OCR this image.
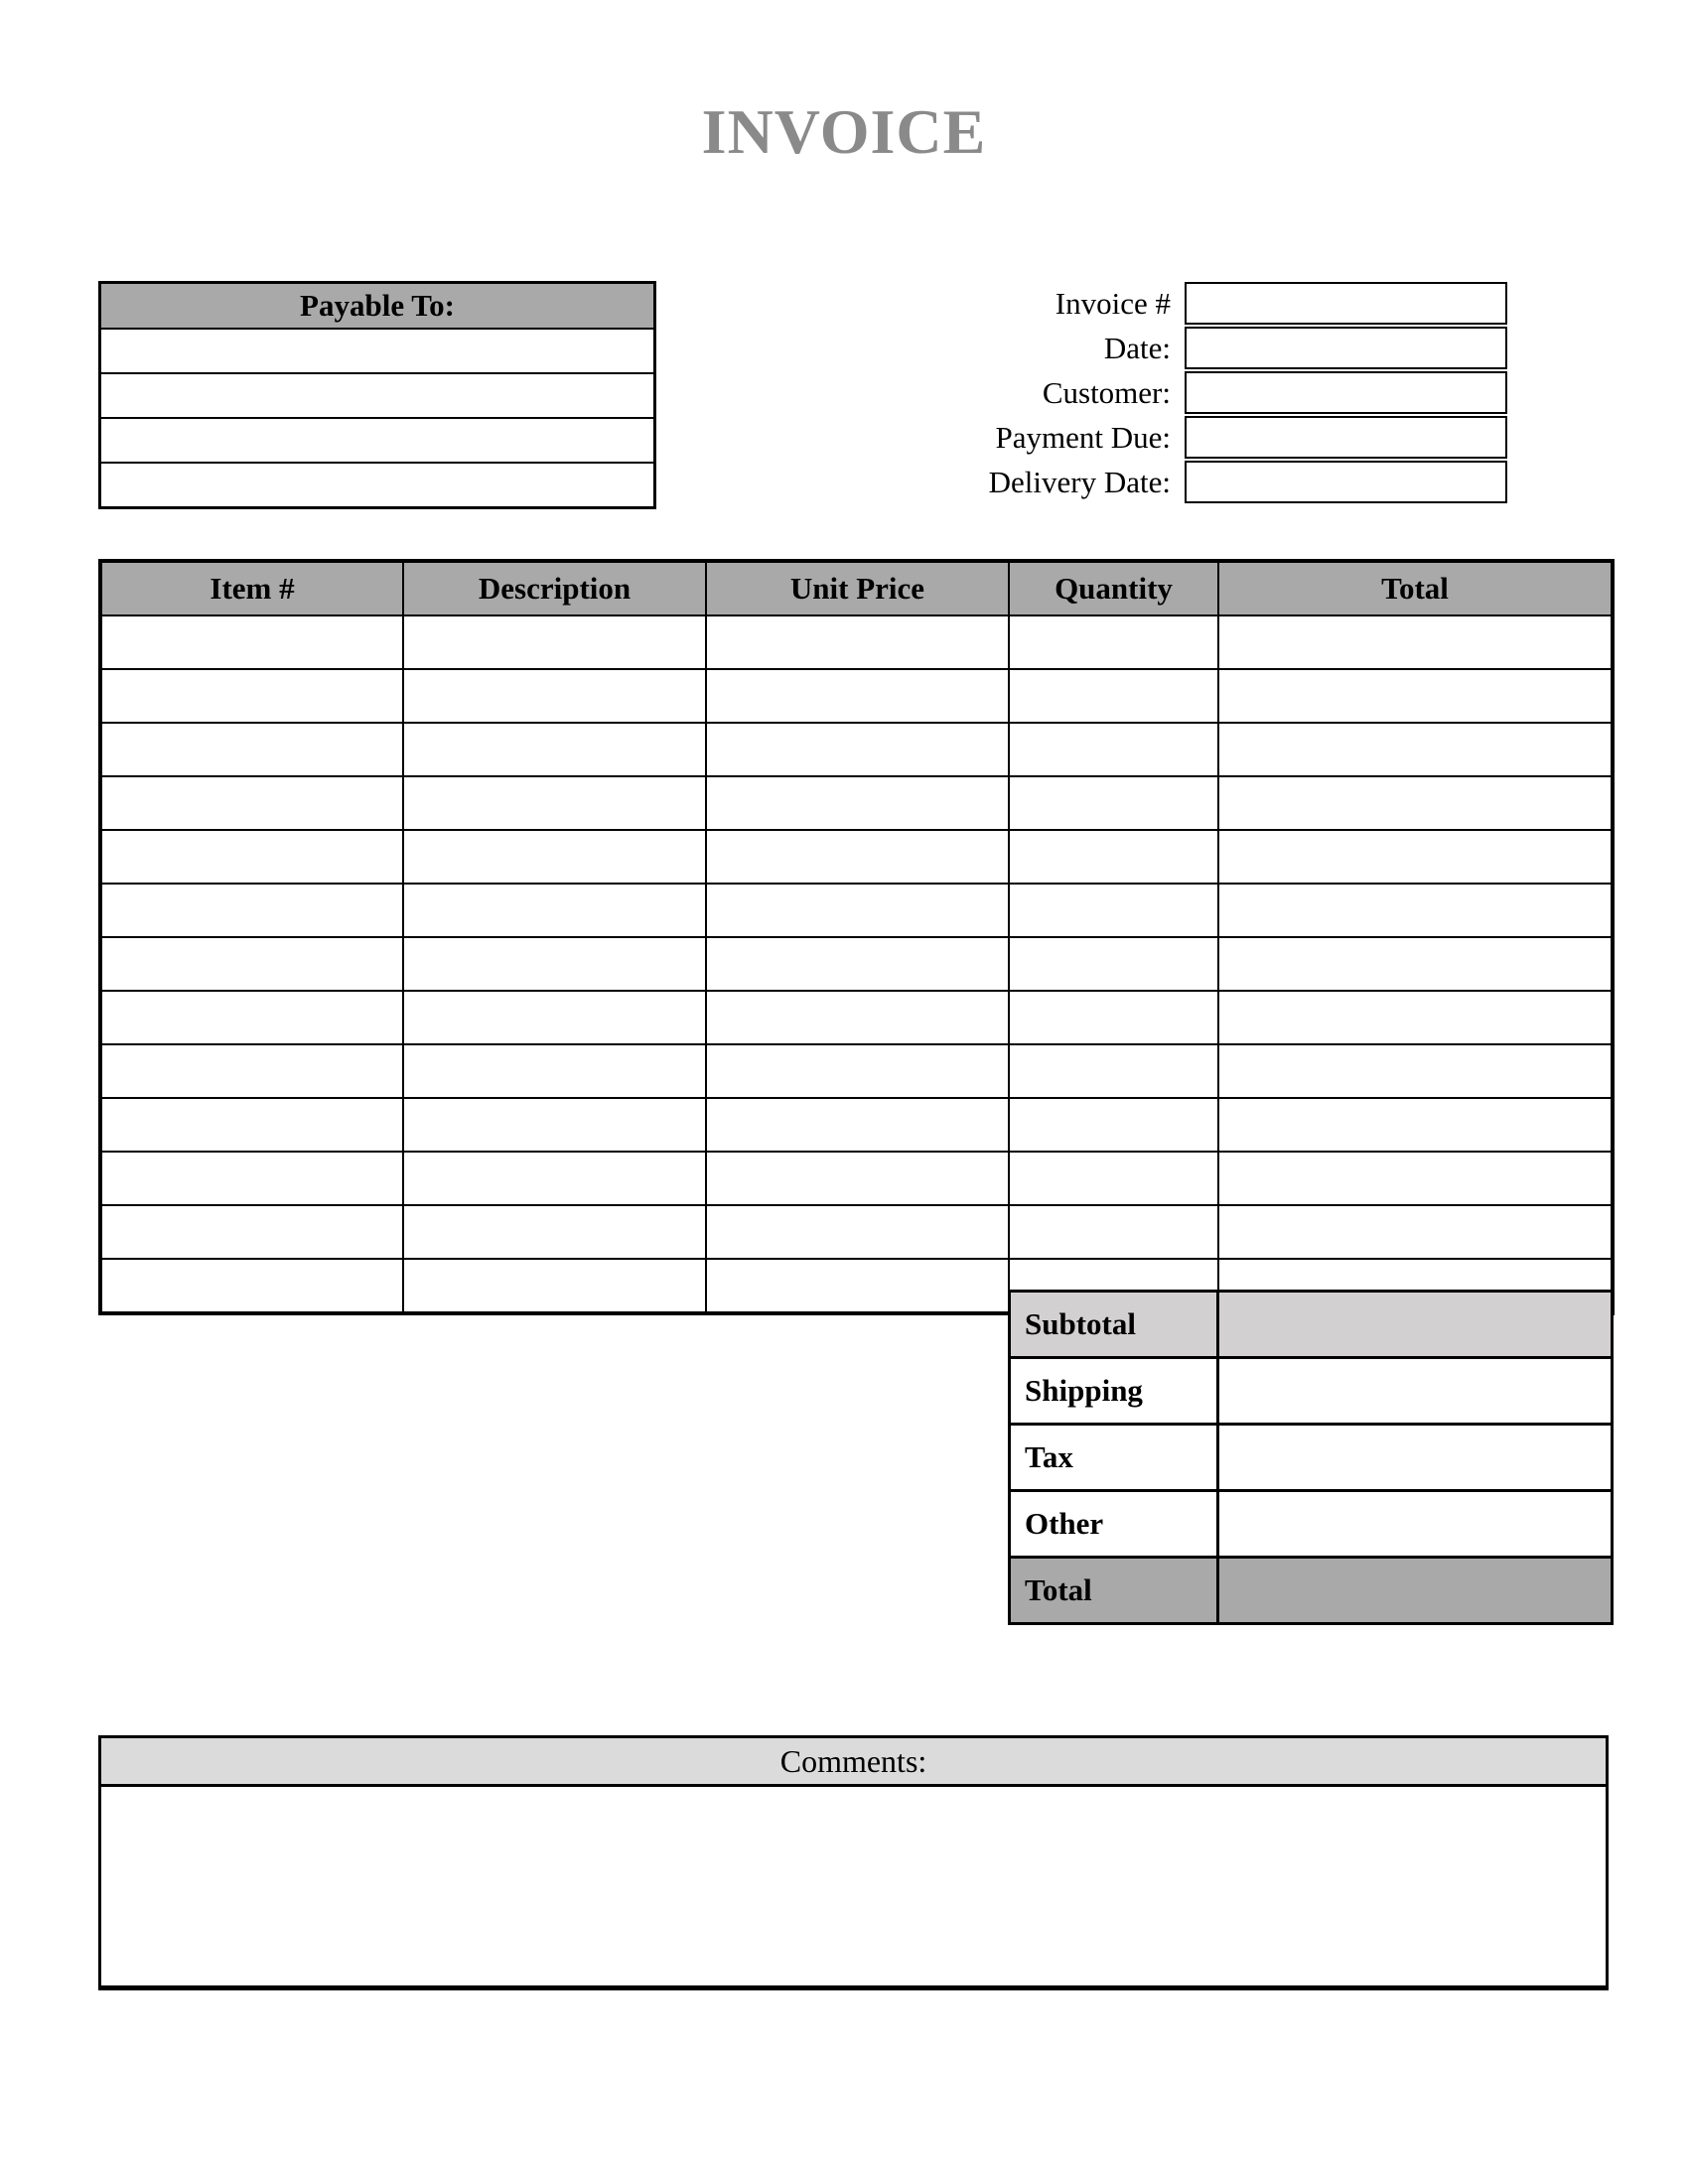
INVOICE
Payable To:	Invoice #
Date:
Customer:
Payment Due:
Delivery Date:
Item #	Description	Unit Price	Quantity	Total

Subtotal	
Shipping	
Tax	
Other	
Total	
Comments:
